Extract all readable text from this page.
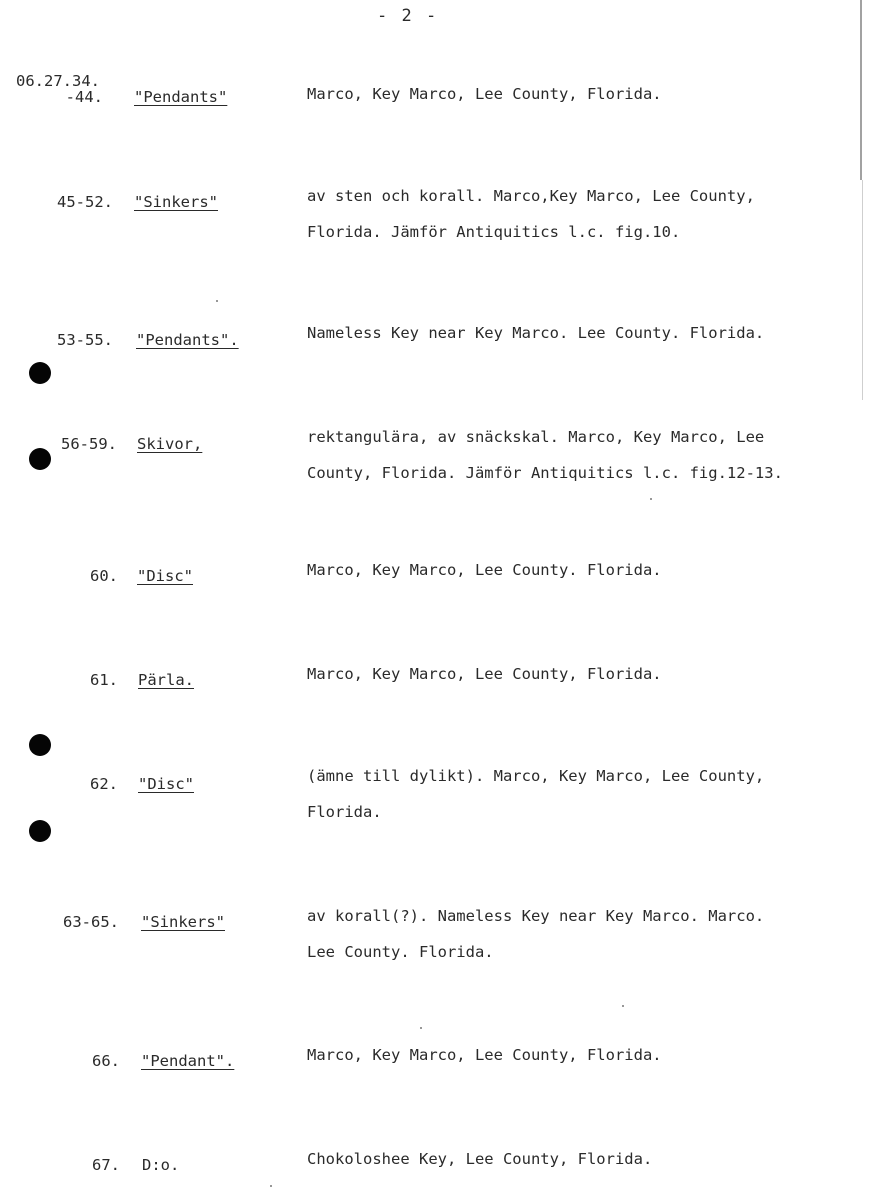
- 2 -
06.27.34.
-44. "Pendants"	Marco, Key Marco, Lee County, Florida.
45-52. "Sinkers"	av sten och korall. Marco,Key Marco, Lee County,
Florida. Jämför Antiquitics l.c. fig.10.
53-55. "Pendants".	Nameless Key near Key Marco. Lee County. Florida.
56-59. Skivor,	rektangulära, av snäckskal. Marco, Key Marco, Lee
County, Florida. Jämför Antiquitics l.c. fig.12-13.
60. "Disc"	Marco, Key Marco, Lee County. Florida.
61. Pärla.	Marco, Key Marco, Lee County, Florida.
62. "Disc"	(ämne till dylikt). Marco, Key Marco, Lee County,
Florida.
63-65. "Sinkers"	av korall(?). Nameless Key near Key Marco. Marco.
Lee County. Florida.
66. "Pendant".	Marco, Key Marco, Lee County, Florida.
67. D:o.	Chokoloshee Key, Lee County, Florida.
